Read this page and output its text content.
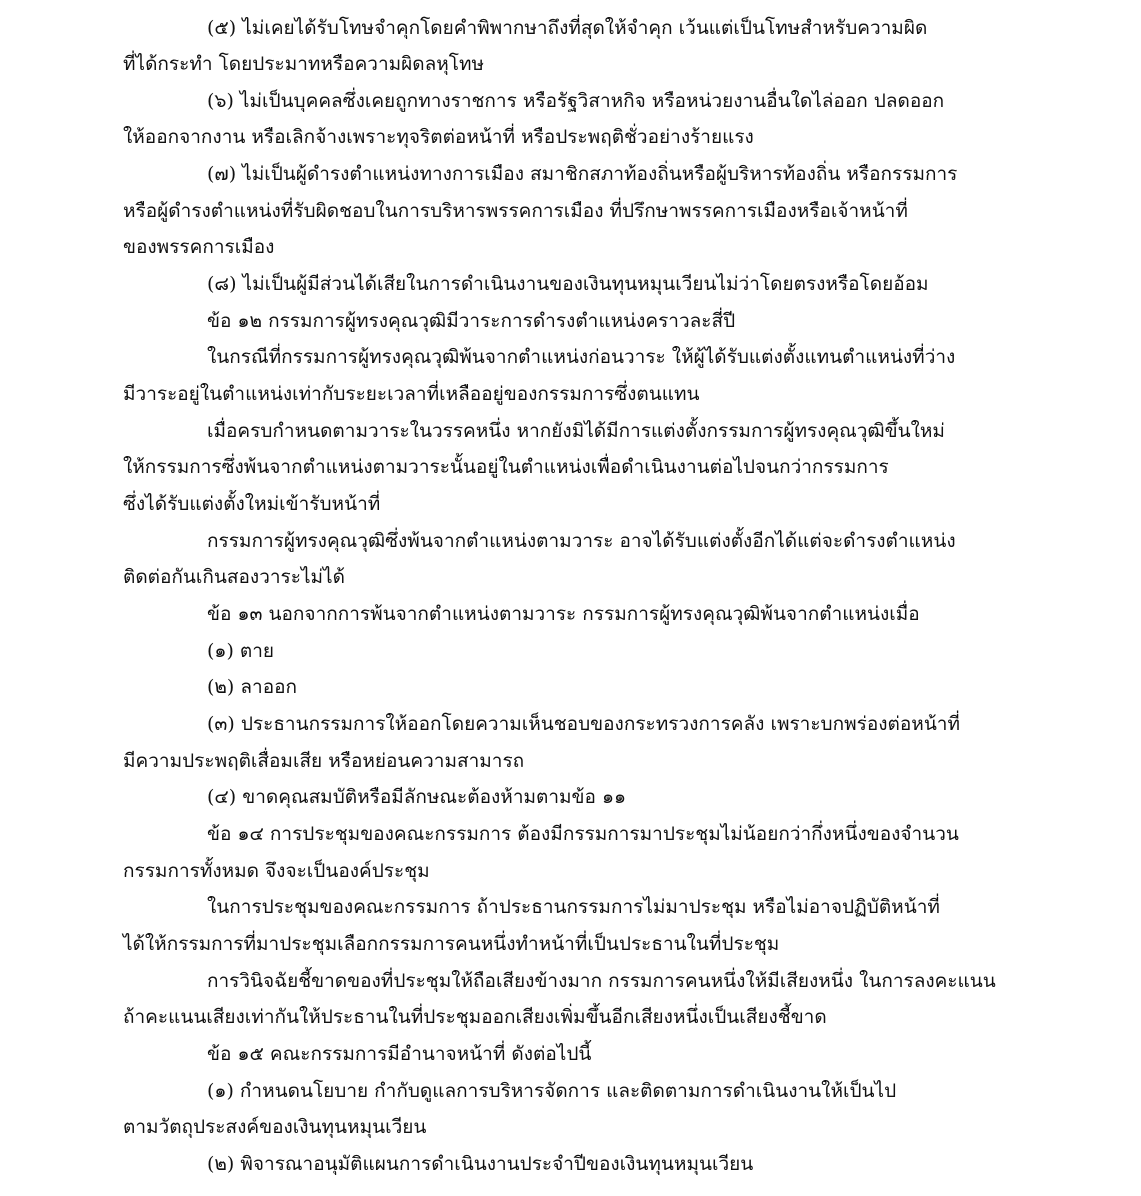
(๕) ไม่เคยได้รับโทษจำคุกโดยคำพิพากษาถึงที่สุดให้จำคุก เว้นแต่เป็นโทษสำหรับความผิด
ที่ได้กระทำ โดยประมาทหรือความผิดลหุโทษ
(๖) ไม่เป็นบุคคลซึ่งเคยถูกทางราชการ หรือรัฐวิสาหกิจ หรือหน่วยงานอื่นใดไล่ออก ปลดออก
ให้ออกจากงาน หรือเลิกจ้างเพราะทุจริตต่อหน้าที่ หรือประพฤติชั่วอย่างร้ายแรง
(๗) ไม่เป็นผู้ดำรงตำแหน่งทางการเมือง สมาชิกสภาท้องถิ่นหรือผู้บริหารท้องถิ่น หรือกรรมการ
หรือผู้ดำรงตำแหน่งที่รับผิดชอบในการบริหารพรรคการเมือง ที่ปรึกษาพรรคการเมืองหรือเจ้าหน้าที่
ของพรรคการเมือง
(๘) ไม่เป็นผู้มีส่วนได้เสียในการดำเนินงานของเงินทุนหมุนเวียนไม่ว่าโดยตรงหรือโดยอ้อม
ข้อ ๑๒ กรรมการผู้ทรงคุณวุฒิมีวาระการดำรงตำแหน่งคราวละสี่ปี
ในกรณีที่กรรมการผู้ทรงคุณวุฒิพ้นจากตำแหน่งก่อนวาระ ให้ผู้ได้รับแต่งตั้งแทนตำแหน่งที่ว่าง
มีวาระอยู่ในตำแหน่งเท่ากับระยะเวลาที่เหลืออยู่ของกรรมการซึ่งตนแทน
เมื่อครบกำหนดตามวาระในวรรคหนึ่ง หากยังมิได้มีการแต่งตั้งกรรมการผู้ทรงคุณวุฒิขึ้นใหม่
ให้กรรมการซึ่งพ้นจากตำแหน่งตามวาระนั้นอยู่ในตำแหน่งเพื่อดำเนินงานต่อไปจนกว่ากรรมการ
ซึ่งได้รับแต่งตั้งใหม่เข้ารับหน้าที่
กรรมการผู้ทรงคุณวุฒิซึ่งพ้นจากตำแหน่งตามวาระ อาจได้รับแต่งตั้งอีกได้แต่จะดำรงตำแหน่ง
ติดต่อกันเกินสองวาระไม่ได้
ข้อ ๑๓ นอกจากการพ้นจากตำแหน่งตามวาระ กรรมการผู้ทรงคุณวุฒิพ้นจากตำแหน่งเมื่อ
(๑) ตาย
(๒) ลาออก
(๓) ประธานกรรมการให้ออกโดยความเห็นชอบของกระทรวงการคลัง เพราะบกพร่องต่อหน้าที่
มีความประพฤติเสื่อมเสีย หรือหย่อนความสามารถ
(๔) ขาดคุณสมบัติหรือมีลักษณะต้องห้ามตามข้อ ๑๑
ข้อ ๑๔ การประชุมของคณะกรรมการ ต้องมีกรรมการมาประชุมไม่น้อยกว่ากึ่งหนึ่งของจำนวน
กรรมการทั้งหมด จึงจะเป็นองค์ประชุม
ในการประชุมของคณะกรรมการ ถ้าประธานกรรมการไม่มาประชุม หรือไม่อาจปฏิบัติหน้าที่
ได้ให้กรรมการที่มาประชุมเลือกกรรมการคนหนึ่งทำหน้าที่เป็นประธานในที่ประชุม
การวินิจฉัยชี้ขาดของที่ประชุมให้ถือเสียงข้างมาก กรรมการคนหนึ่งให้มีเสียงหนึ่ง ในการลงคะแนน
ถ้าคะแนนเสียงเท่ากันให้ประธานในที่ประชุมออกเสียงเพิ่มขึ้นอีกเสียงหนึ่งเป็นเสียงชี้ขาด
ข้อ ๑๕ คณะกรรมการมีอำนาจหน้าที่ ดังต่อไปนี้
(๑) กำหนดนโยบาย กำกับดูแลการบริหารจัดการ และติดตามการดำเนินงานให้เป็นไป
ตามวัตถุประสงค์ของเงินทุนหมุนเวียน
(๒) พิจารณาอนุมัติแผนการดำเนินงานประจำปีของเงินทุนหมุนเวียน
